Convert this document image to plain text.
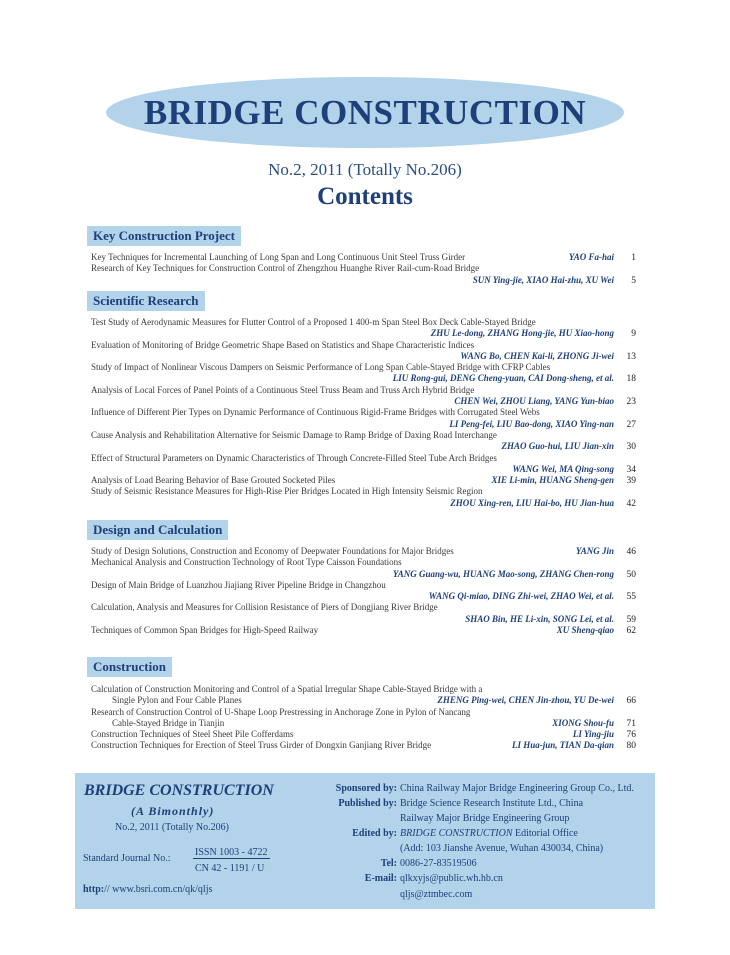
BRIDGE CONSTRUCTION
No.2, 2011 (Totally No.206)
Contents
Key Construction Project
Key Techniques for Incremental Launching of Long Span and Long Continuous Unit Steel Truss Girder	YAO Fa-hai 1
Research of Key Techniques for Construction Control of Zhengzhou Huanghe River Rail-cum-Road Bridge
SUN Ying-jie, XIAO Hai-zhu, XU Wei 5
Scientific Research
Test Study of Aerodynamic Measures for Flutter Control of a Proposed 1 400-m Span Steel Box Deck Cable-Stayed Bridge
ZHU Le-dong, ZHANG Hong-jie, HU Xiao-hong 9
Evaluation of Monitoring of Bridge Geometric Shape Based on Statistics and Shape Characteristic Indices
WANG Bo, CHEN Kai-li, ZHONG Ji-wei 13
Study of Impact of Nonlinear Viscous Dampers on Seismic Performance of Long Span Cable-Stayed Bridge with CFRP Cables
LIU Rong-gui, DENG Cheng-yuan, CAI Dong-sheng, et al. 18
Analysis of Local Forces of Panel Points of a Continuous Steel Truss Beam and Truss Arch Hybrid Bridge
CHEN Wei, ZHOU Liang, YANG Yun-biao 23
Influence of Different Pier Types on Dynamic Performance of Continuous Rigid-Frame Bridges with Corrugated Steel Webs
LI Peng-fei, LIU Bao-dong, XIAO Ying-nan 27
Cause Analysis and Rehabilitation Alternative for Seismic Damage to Ramp Bridge of Daxing Road Interchange
ZHAO Guo-hui, LIU Jian-xin 30
Effect of Structural Parameters on Dynamic Characteristics of Through Concrete-Filled Steel Tube Arch Bridges
WANG Wei, MA Qing-song 34
Analysis of Load Bearing Behavior of Base Grouted Socketed Piles	XIE Li-min, HUANG Sheng-gen 39
Study of Seismic Resistance Measures for High-Rise Pier Bridges Located in High Intensity Seismic Region
ZHOU Xing-ren, LIU Hai-bo, HU Jian-hua 42
Design and Calculation
Study of Design Solutions, Construction and Economy of Deepwater Foundations for Major Bridges	YANG Jin 46
Mechanical Analysis and Construction Technology of Root Type Caisson Foundations
YANG Guang-wu, HUANG Mao-song, ZHANG Chen-rong 50
Design of Main Bridge of Luanzhou Jiajiang River Pipeline Bridge in Changzhou
WANG Qi-miao, DING Zhi-wei, ZHAO Wei, et al. 55
Calculation, Analysis and Measures for Collision Resistance of Piers of Dongjiang River Bridge
SHAO Bin, HE Li-xin, SONG Lei, et al. 59
Techniques of Common Span Bridges for High-Speed Railway	XU Sheng-qiao 62
Construction
Calculation of Construction Monitoring and Control of a Spatial Irregular Shape Cable-Stayed Bridge with a
Single Pylon and Four Cable Planes	ZHENG Ping-wei, CHEN Jin-zhou, YU De-wei 66
Research of Construction Control of U-Shape Loop Prestressing in Anchorage Zone in Pylon of Nancang
Cable-Stayed Bridge in Tianjin	XIONG Shou-fu 71
Construction Techniques of Steel Sheet Pile Cofferdams	LI Ying-jiu 76
Construction Techniques for Erection of Steel Truss Girder of Dongxin Ganjiang River Bridge	LI Hua-jun, TIAN Da-qian 80
BRIDGE CONSTRUCTION
(A Bimonthly)
No.2, 2011 (Totally No.206)
Standard Journal No.:
ISSN 1003 - 4722
CN 42 - 1191 / U
http:// www.bsri.com.cn/qk/qljs
Sponsored by: China Railway Major Bridge Engineering Group Co., Ltd.
Published by: Bridge Science Research Institute Ltd., China
Railway Major Bridge Engineering Group
Edited by: BRIDGE CONSTRUCTION Editorial Office
(Add: 103 Jianshe Avenue, Wuhan 430034, China)
Tel: 0086-27-83519506
E-mail: qlkxyjs@public.wh.hb.cn
qljs@ztmbec.com
